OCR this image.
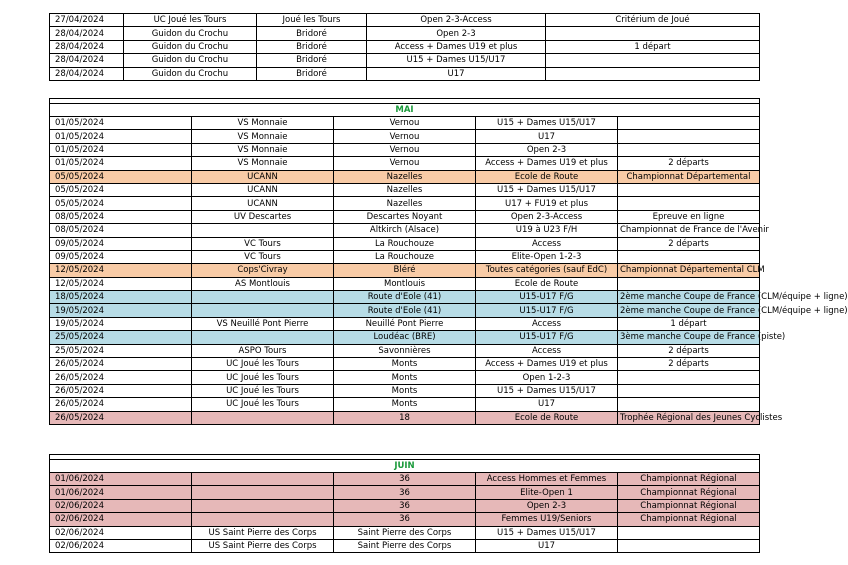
27/04/2024	UC Joué les Tours	Joué les Tours	Open 2-3-Access	Critérium de Joué
28/04/2024	Guidon du Crochu	Bridoré	Open 2-3	
28/04/2024	Guidon du Crochu	Bridoré	Access + Dames U19 et plus	1 départ
28/04/2024	Guidon du Crochu	Bridoré	U15 + Dames U15/U17	
28/04/2024	Guidon du Crochu	Bridoré	U17	

MAI				
01/05/2024	VS Monnaie	Vernou	U15 + Dames U15/U17	
01/05/2024	VS Monnaie	Vernou	U17	
01/05/2024	VS Monnaie	Vernou	Open 2-3	
01/05/2024	VS Monnaie	Vernou	Access + Dames U19 et plus	2 départs
05/05/2024	UCANN	Nazelles	Ecole de Route	Championnat Départemental
05/05/2024	UCANN	Nazelles	U15 + Dames U15/U17	
05/05/2024	UCANN	Nazelles	U17 + FU19 et plus	
08/05/2024	UV Descartes	Descartes Noyant	Open 2-3-Access	Epreuve en ligne
08/05/2024		Altkirch (Alsace)	U19 à U23 F/H	Championnat de France de l'Avenir
09/05/2024	VC Tours	La Rouchouze	Access	2 départs
09/05/2024	VC Tours	La Rouchouze	Elite-Open 1-2-3	
12/05/2024	Cops'Civray	Bléré	Toutes catégories (sauf EdC)	Championnat Départemental CLM
12/05/2024	AS Montlouis	Montlouis	Ecole de Route	
18/05/2024		Route d'Eole (41)	U15-U17 F/G	2ème manche Coupe de France (CLM/équipe + ligne)
19/05/2024		Route d'Eole (41)	U15-U17 F/G	2ème manche Coupe de France (CLM/équipe + ligne)
19/05/2024	VS Neuillé Pont Pierre	Neuillé Pont Pierre	Access	1 départ
25/05/2024		Loudéac (BRE)	U15-U17 F/G	3ème manche Coupe de France (piste)
25/05/2024	ASPO Tours	Savonnières	Access	2 départs
26/05/2024	UC Joué les Tours	Monts	Access + Dames U19 et plus	2 départs
26/05/2024	UC Joué les Tours	Monts	Open 1-2-3	
26/05/2024	UC Joué les Tours	Monts	U15 + Dames U15/U17	
26/05/2024	UC Joué les Tours	Monts	U17	
26/05/2024		18	Ecole de Route	Trophée Régional des Jeunes Cyclistes

JUIN				
01/06/2024		36	Access Hommes et Femmes	Championnat Régional
01/06/2024		36	Elite-Open 1	Championnat Régional
02/06/2024		36	Open 2-3	Championnat Régional
02/06/2024		36	Femmes U19/Seniors	Championnat Régional
02/06/2024	US Saint Pierre des Corps	Saint Pierre des Corps	U15 + Dames U15/U17	
02/06/2024	US Saint Pierre des Corps	Saint Pierre des Corps	U17	
